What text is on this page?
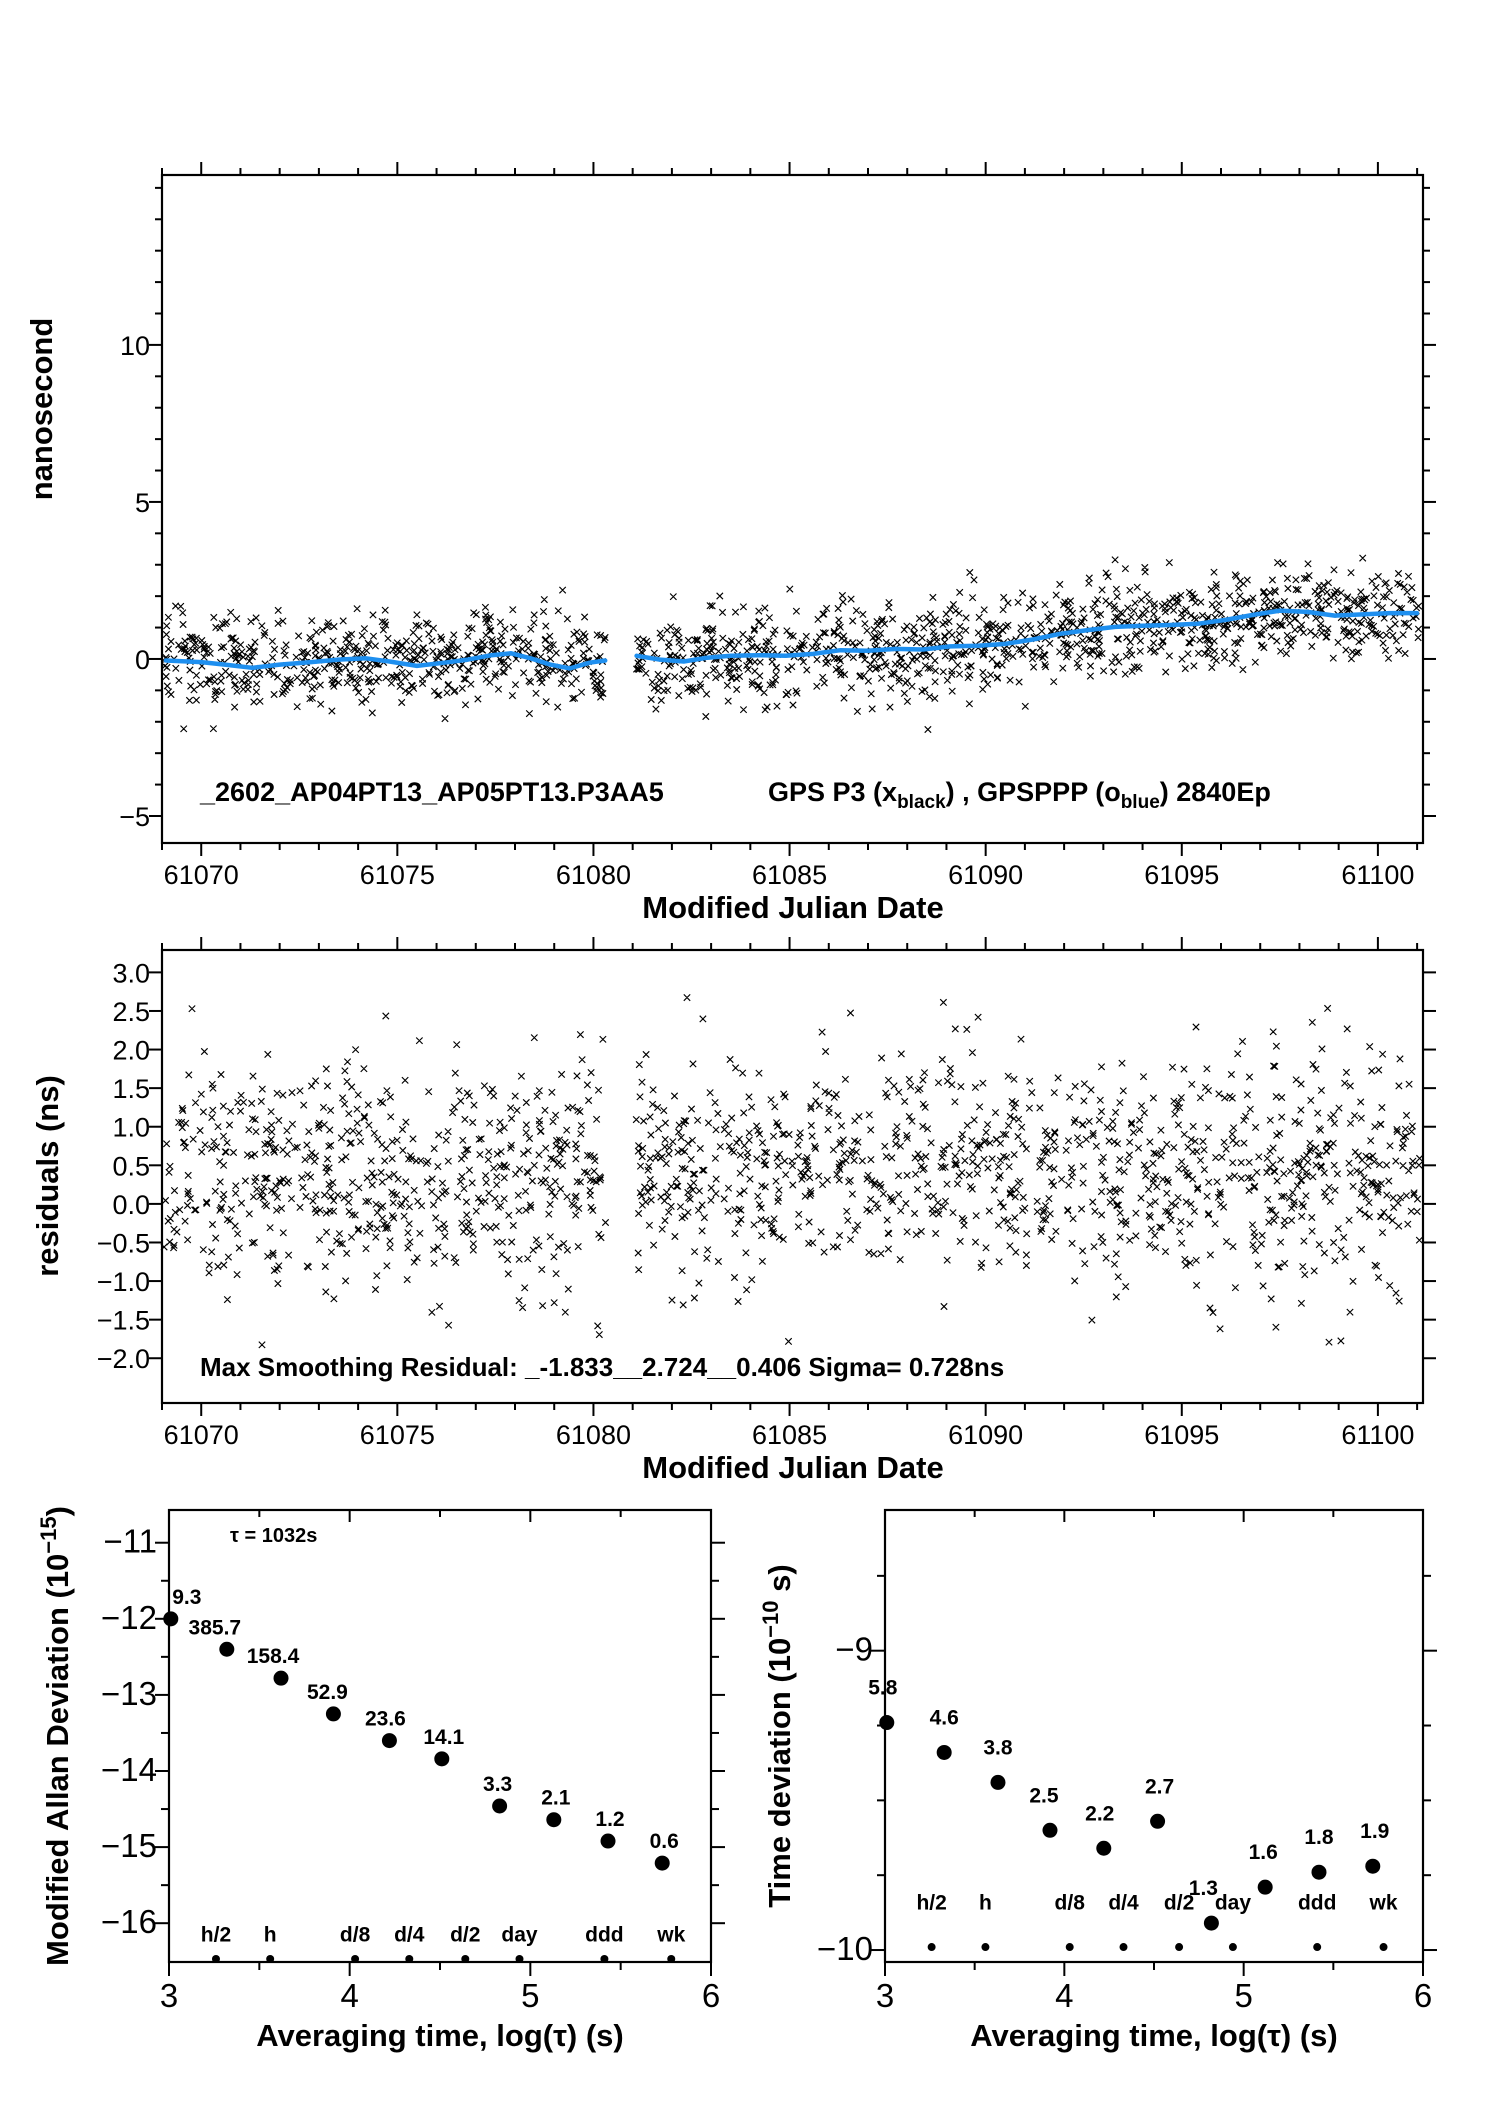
61070	61075	61080	61085	61090	61095	61100
−5
0
5
10
61070	61075	61080	61085	61090	61095	61100
3.0
2.5
2.0
1.5
1.0
0.5
0.0
−0.5
−1.0
−1.5
−2.0
3	4	5	6
−11
−12
−13
−14
−15
−16 h/2 h	d/8 d/4 d/2 day ddd wk
9.3
385.7
158.4
52.9
23.6
14.1
3.3
2.1
1.2
0.6
3	4	5	6
−9
−10
h/2 h	d/8 d/4 d/2 day ddd wk
5.8
4.6
3.8
2.5
2.2
2.7
1.3
1.6
1.8 1.9
nanosecond
Modified Julian Date
_2602_AP04PT13_AP05PT13.P3AA5	GPS P3 $(x_{black})$ , GPSPPP $(o_{blue})$ 2840Ep
residuals (ns)
Modified Julian Date
Max Smoothing Residual: _-1.833__2.724__0.406 Sigma= 0.728ns
Modified Allan Deviation $(10^{-15})$
Averaging time, log(τ) (s)
τ = 1032s
Time deviation ($10^{-10}$ s)
Averaging time, log(τ) (s)
